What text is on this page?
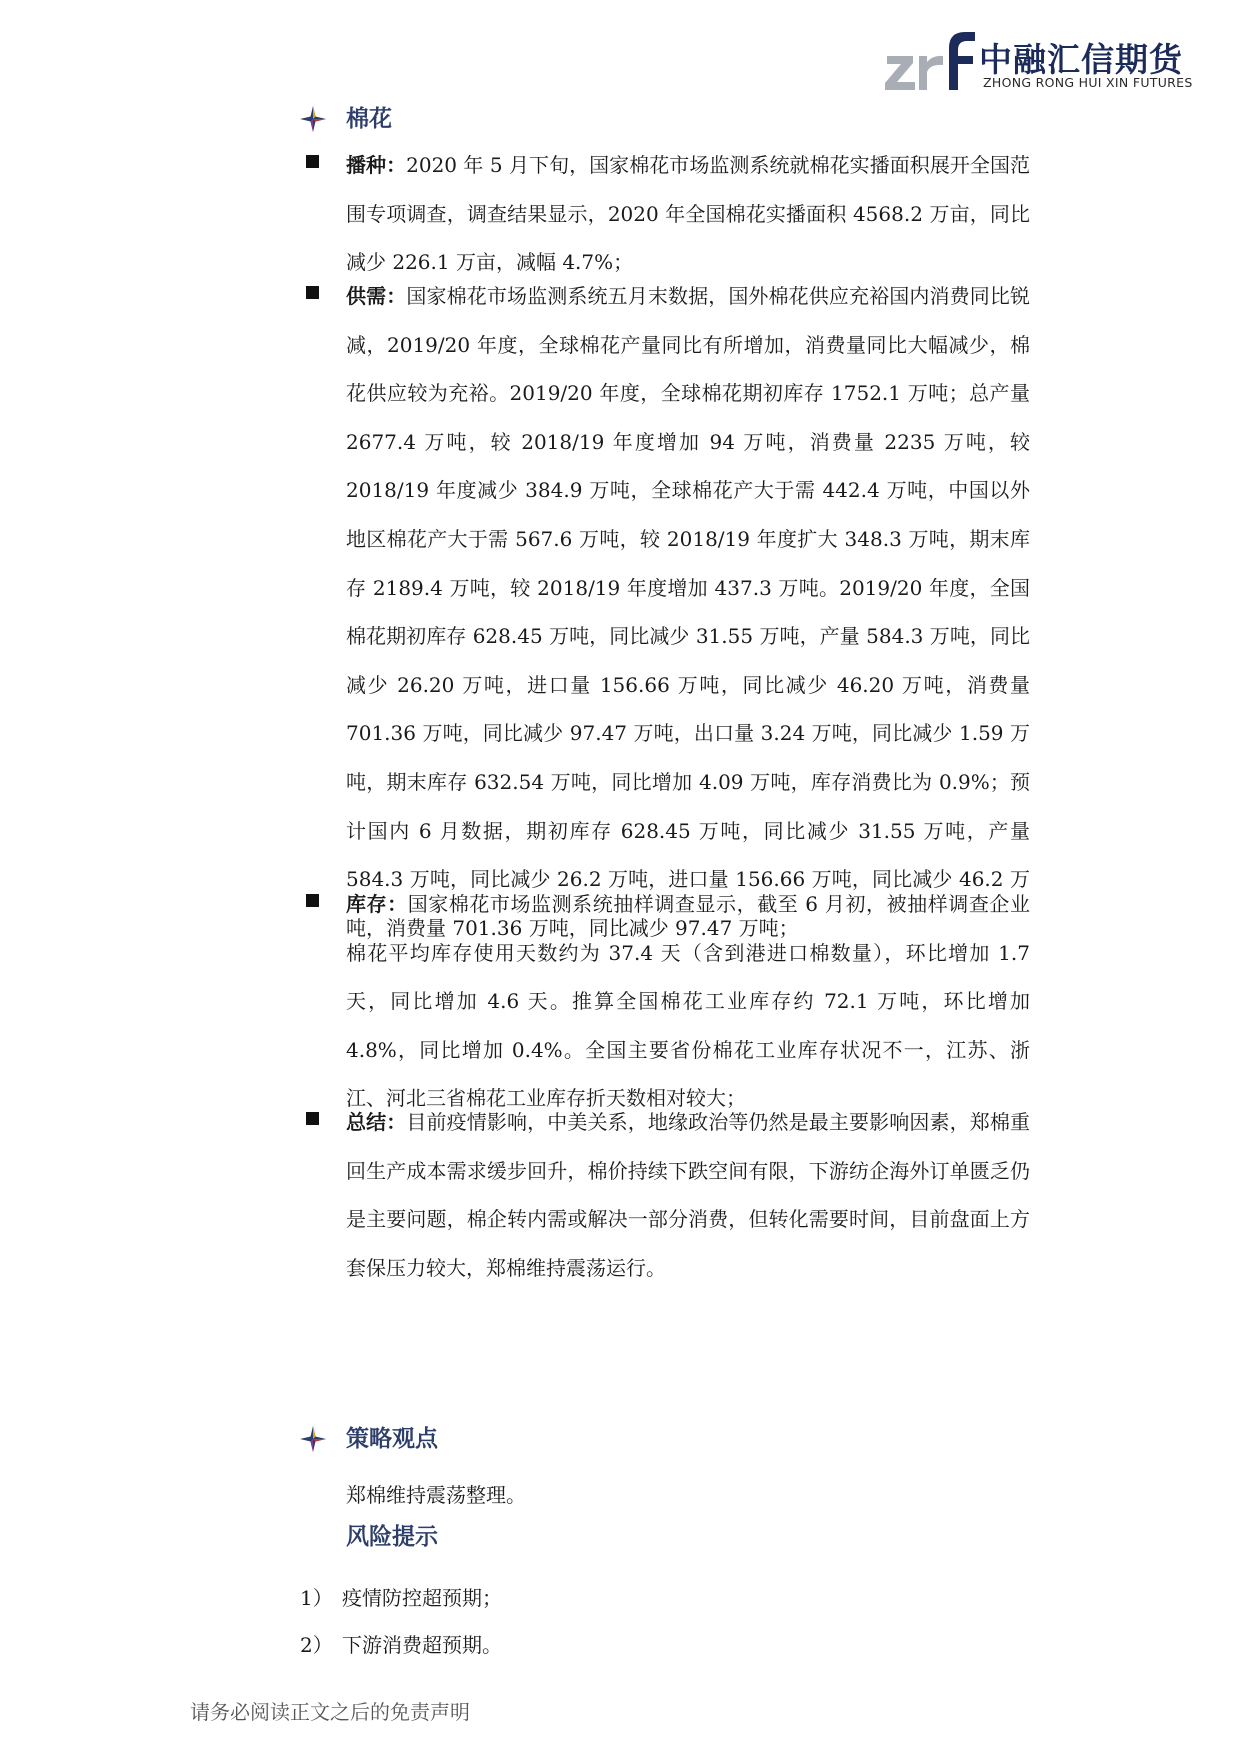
中融汇信期货
ZHONG RONG HUI XIN FUTURES
棉花
播种：2020 年 5 月下旬，国家棉花市场监测系统就棉花实播面积展开全国范围专项调查，调查结果显示，2020 年全国棉花实播面积 4568.2 万亩，同比减少 226.1 万亩，减幅 4.7%；
供需：国家棉花市场监测系统五月末数据，国外棉花供应充裕国内消费同比锐减，2019/20 年度，全球棉花产量同比有所增加，消费量同比大幅减少，棉花供应较为充裕。2019/20 年度，全球棉花期初库存 1752.1 万吨；总产量 2677.4 万吨，较 2018/19 年度增加 94 万吨，消费量 2235 万吨，较 2018/19 年度减少 384.9 万吨，全球棉花产大于需 442.4 万吨，中国以外地区棉花产大于需 567.6 万吨，较 2018/19 年度扩大 348.3 万吨，期末库存 2189.4 万吨，较 2018/19 年度增加 437.3 万吨。2019/20 年度，全国棉花期初库存 628.45 万吨，同比减少 31.55 万吨，产量 584.3 万吨，同比减少 26.20 万吨，进口量 156.66 万吨，同比减少 46.20 万吨，消费量 701.36 万吨，同比减少 97.47 万吨，出口量 3.24 万吨，同比减少 1.59 万吨，期末库存 632.54 万吨，同比增加 4.09 万吨，库存消费比为 0.9%；预计国内 6 月数据，期初库存 628.45 万吨，同比减少 31.55 万吨，产量 584.3 万吨，同比减少 26.2 万吨，进口量 156.66 万吨，同比减少 46.2 万吨，消费量 701.36 万吨，同比减少 97.47 万吨；
库存：国家棉花市场监测系统抽样调查显示，截至 6 月初，被抽样调查企业棉花平均库存使用天数约为 37.4 天（含到港进口棉数量），环比增加 1.7 天，同比增加 4.6 天。推算全国棉花工业库存约 72.1 万吨，环比增加 4.8%，同比增加 0.4%。全国主要省份棉花工业库存状况不一，江苏、浙江、河北三省棉花工业库存折天数相对较大；
总结：目前疫情影响，中美关系，地缘政治等仍然是最主要影响因素，郑棉重回生产成本需求缓步回升，棉价持续下跌空间有限，下游纺企海外订单匮乏仍是主要问题，棉企转内需或解决一部分消费，但转化需要时间，目前盘面上方套保压力较大，郑棉维持震荡运行。
策略观点
郑棉维持震荡整理。
风险提示
1） 疫情防控超预期；
2） 下游消费超预期。
请务必阅读正文之后的免责声明
